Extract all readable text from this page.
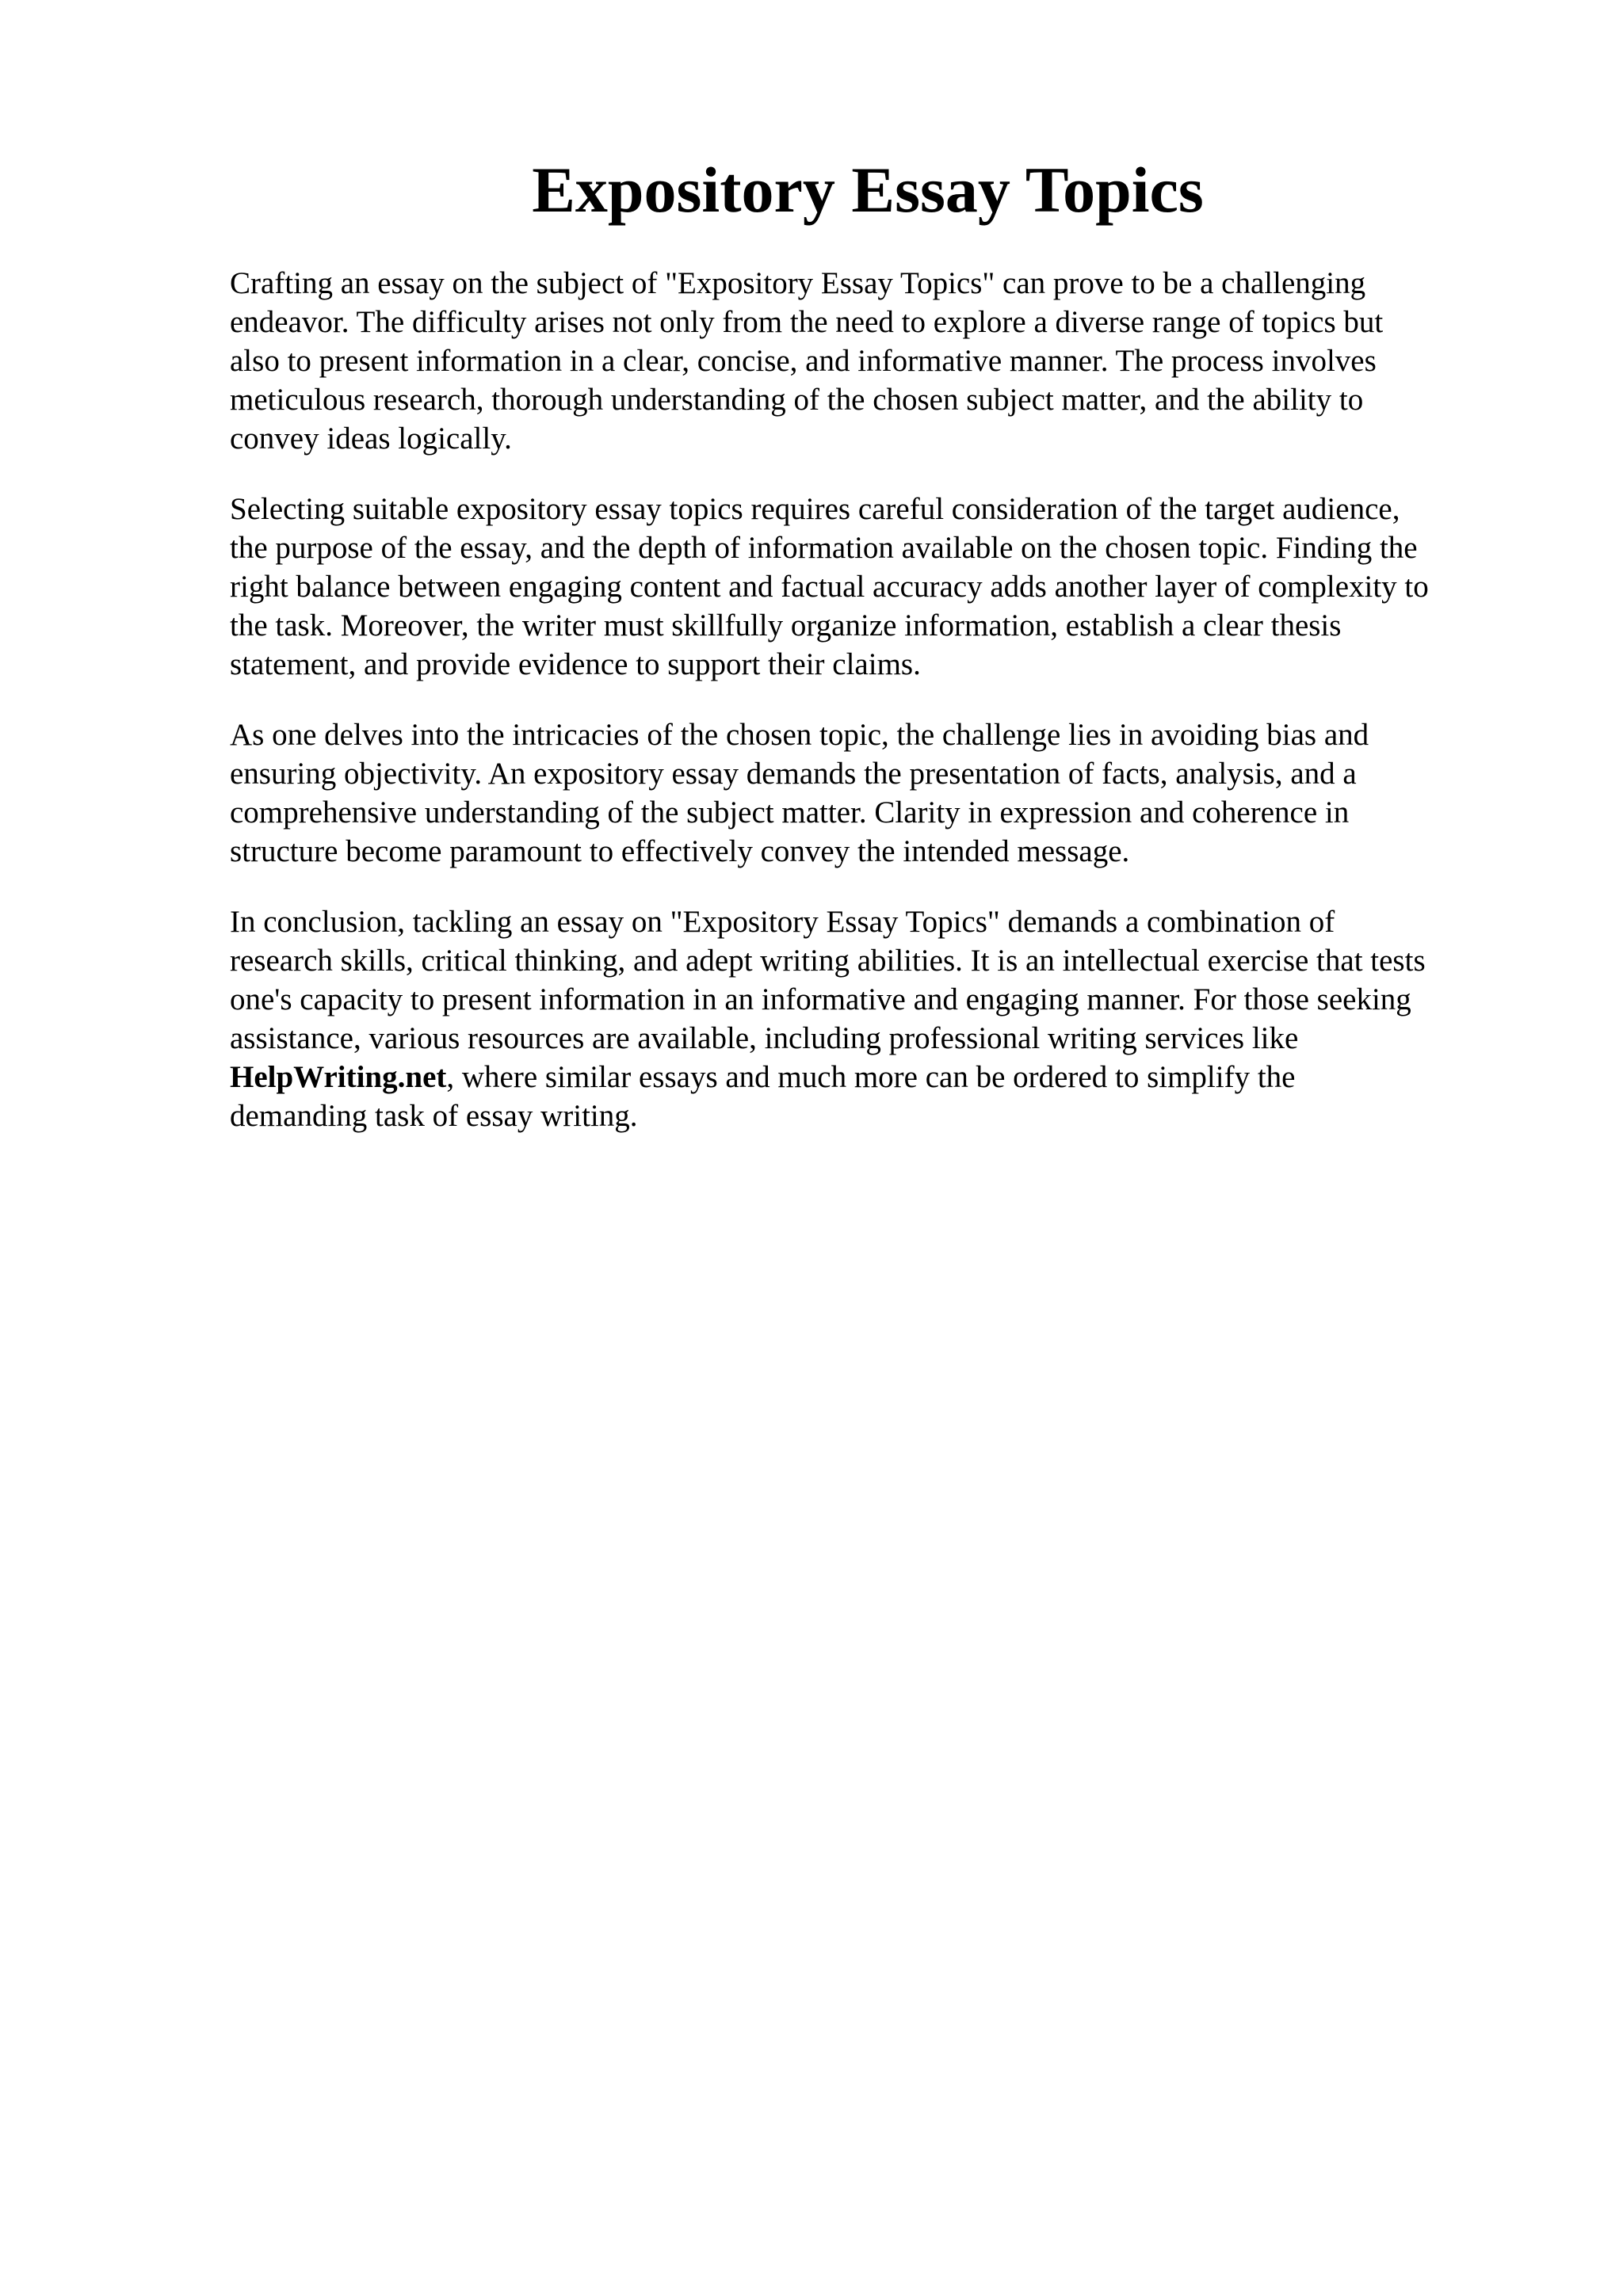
Expository Essay Topics

Crafting an essay on the subject of "Expository Essay Topics" can prove to be a challenging
endeavor. The difficulty arises not only from the need to explore a diverse range of topics but
also to present information in a clear, concise, and informative manner. The process involves
meticulous research, thorough understanding of the chosen subject matter, and the ability to
convey ideas logically.

Selecting suitable expository essay topics requires careful consideration of the target audience,
the purpose of the essay, and the depth of information available on the chosen topic. Finding the
right balance between engaging content and factual accuracy adds another layer of complexity to
the task. Moreover, the writer must skillfully organize information, establish a clear thesis
statement, and provide evidence to support their claims.

As one delves into the intricacies of the chosen topic, the challenge lies in avoiding bias and
ensuring objectivity. An expository essay demands the presentation of facts, analysis, and a
comprehensive understanding of the subject matter. Clarity in expression and coherence in
structure become paramount to effectively convey the intended message.

In conclusion, tackling an essay on "Expository Essay Topics" demands a combination of
research skills, critical thinking, and adept writing abilities. It is an intellectual exercise that tests
one's capacity to present information in an informative and engaging manner. For those seeking
assistance, various resources are available, including professional writing services like
HelpWriting.net, where similar essays and much more can be ordered to simplify the
demanding task of essay writing.
